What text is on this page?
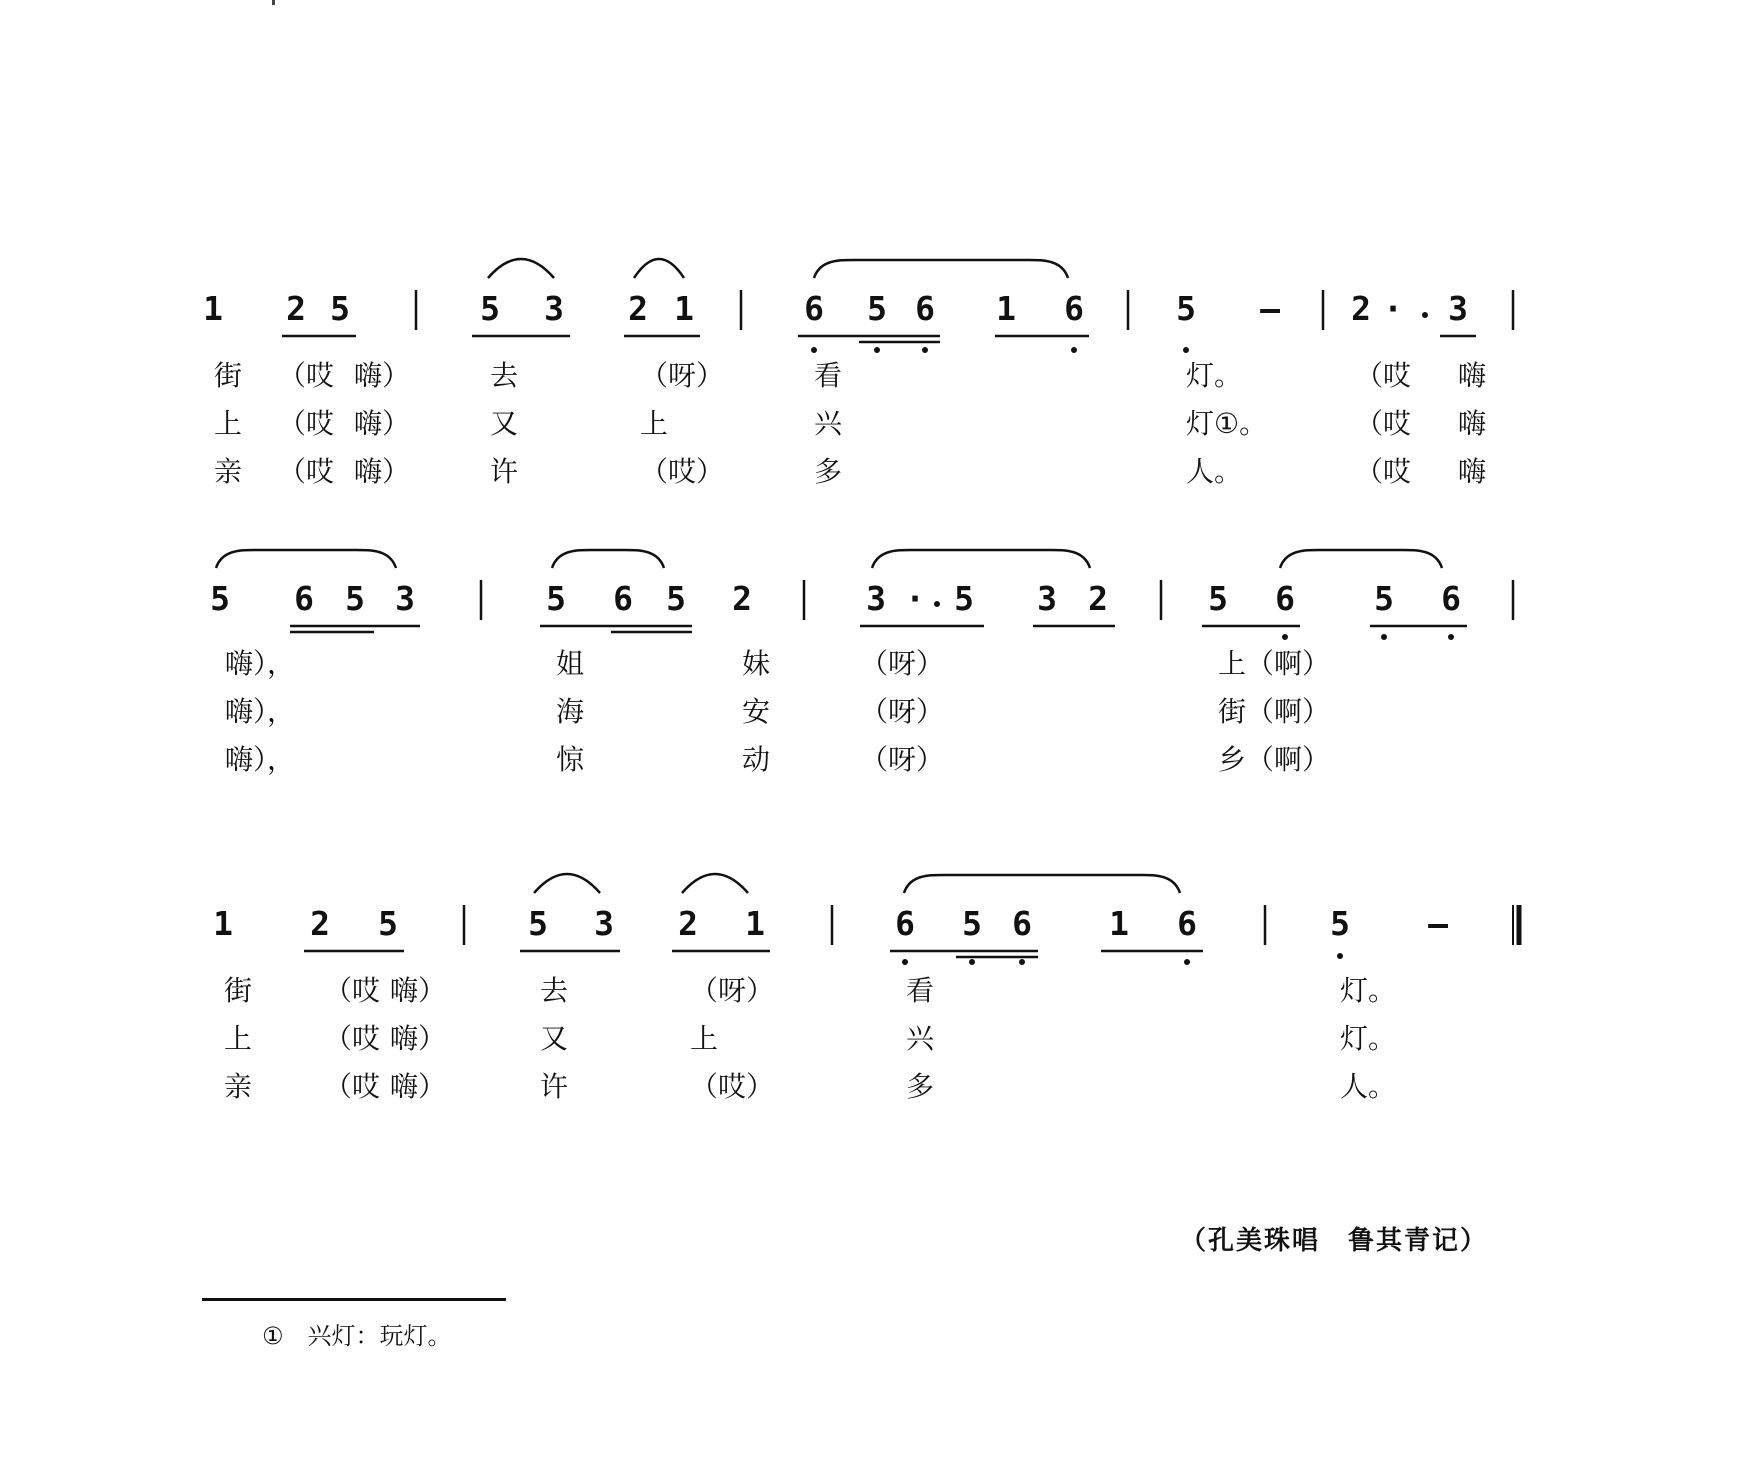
1 2 5
街 （哎 嗨）
上 （哎 嗨）
亲 （哎 嗨）
5 3 2 1
去	（呀）
又	上
许	（哎）
6 5 6 1 6
看
兴
多
5 –
灯。
灯①。
人。
2 · 3
（哎 嗨
（哎 嗨
（哎 嗨
5 6 5 3
嗨），
嗨），
嗨），
5 6 5 2
姐	妹
海	安
惊	动
3 · 5 3 2
（呀）
（呀）
（呀）
5 6 5 6
上（啊）
街（啊）
乡（啊）
1 2 5
街	（哎 嗨）
上	（哎 嗨）
亲	（哎 嗨）
5 3 2 1
去	（呀）
又	上
许	（哎）
6 5 6 1 6
看
兴
多
5 –
灯。
灯。
人。
（孔美珠唱　鲁其青记）
①　兴灯：玩灯。
